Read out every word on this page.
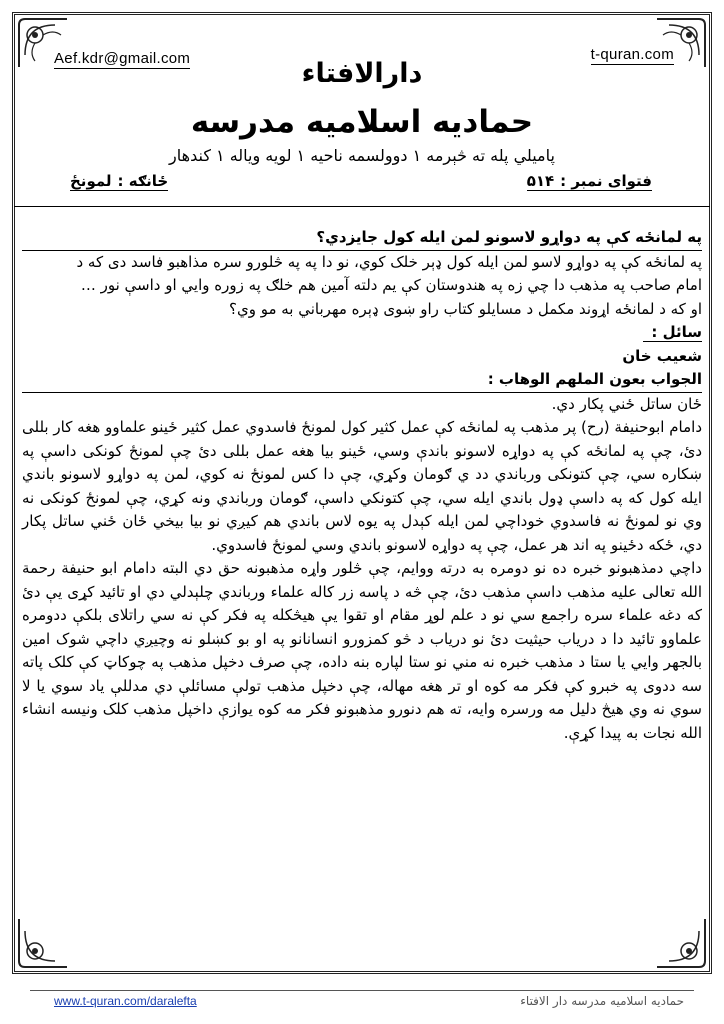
Aef.kdr@gmail.com	t-quran.com
دارالافتاء
حمادیه اسلامیه مدرسه
پامیلي پله ته څېرمه ۱ دوولسمه ناحیه ۱ لویه ویاله ۱ کندهار
فتوای نمبر :۵۱۴
ځانګه :لمونځ

په لمانځه کې په دواړو لاسونو لمن ایله کول جایزدي؟

په لمانځه کې په دواړو لاسو لمن ایله کول ډېر خلک کوي، نو دا په په څلورو سره مذاهبو فاسد دی که د

امام صاحب په مذهب دا چي زه په هندوستان کې یم دلته آمین هم خلګ په زوره وایي او داسې نور …

او که د لمانځه اړوند مکمل د مسایلو کتاب راو ښوی ډېره مهرباني به مو وي؟

سائل :

شعیب خان

الجواب بعون الملهم الوهاب :

ځان ساتل ځني پکار دي.

دامام ابوحنیفة (رح) پر مذهب په لمانځه کې عمل کثیر کول لمونځ فاسدوي عمل کثیر ځینو علماوو هغه کار بللی دئ، چې په لمانځه کې په دواړه لاسونو باندې وسي، ځینو بیا هغه عمل بللی دئ چې لمونځ کونکی داسې په ښکاره سي، چې کتونکی ورباندي دد ي ګومان وکړي، چې دا کس لمونځ نه کوي، لمن په دواړو لاسونو باندي ایله کول که په داسې ډول باندي ایله سي، چې کتونکي داسې، ګومان ورباندي ونه کړي، چې لمونځ کونکی نه وي نو لمونځ نه فاسدوي خوداچي لمن ایله کېدل په یوه لاس باندي هم کیږي نو بیا بیخي ځان ځني ساتل پکار دي، ځکه دځینو په اند هر عمل، چې په دواړه لاسونو باندي وسي لمونځ فاسدوي.

داچي دمذهبونو خبره ده نو دومره به درته ووایم، چې څلور واړه مذهبونه حق دي البته دامام ابو حنیفة رحمة الله تعالی علیه مذهب داسې مذهب دئ، چې څه د پاسه زر کاله علماء ورباندي چلېدلي دي او تائید کړی یې دئ که دغه علماء سره راجمع سي نو د علم لوړ مقام او تقوا یې هیڅکله په فکر کې نه سي راتلای بلکې ددومره علماوو تائید دا د دریاب حیثیت دئ نو دریاب د څو کمزورو انسانانو په او بو کښلو نه وچیږي داچي شوک امین بالجهر وایي یا ستا د مذهب خبره نه مني نو ستا لپاره بنه داده، چې صرف دخپل مذهب په چوکاټ کې کلک پاته سه ددوی په خبرو کې فکر مه کوه او تر هغه مهاله، چې دخپل مذهب تولې مسائلې دي مدللې یاد سوي یا لا سوي نه وي هیڅ دلیل مه ورسره وایه، ته هم دنورو مذهبونو فکر مه کوه یوازې داخپل مذهب کلک ونیسه انشاء الله نجات به پیدا کړې.

www.t-quran.com/daralefta	حمادیه اسلامیه مدرسه دار الافتاء
